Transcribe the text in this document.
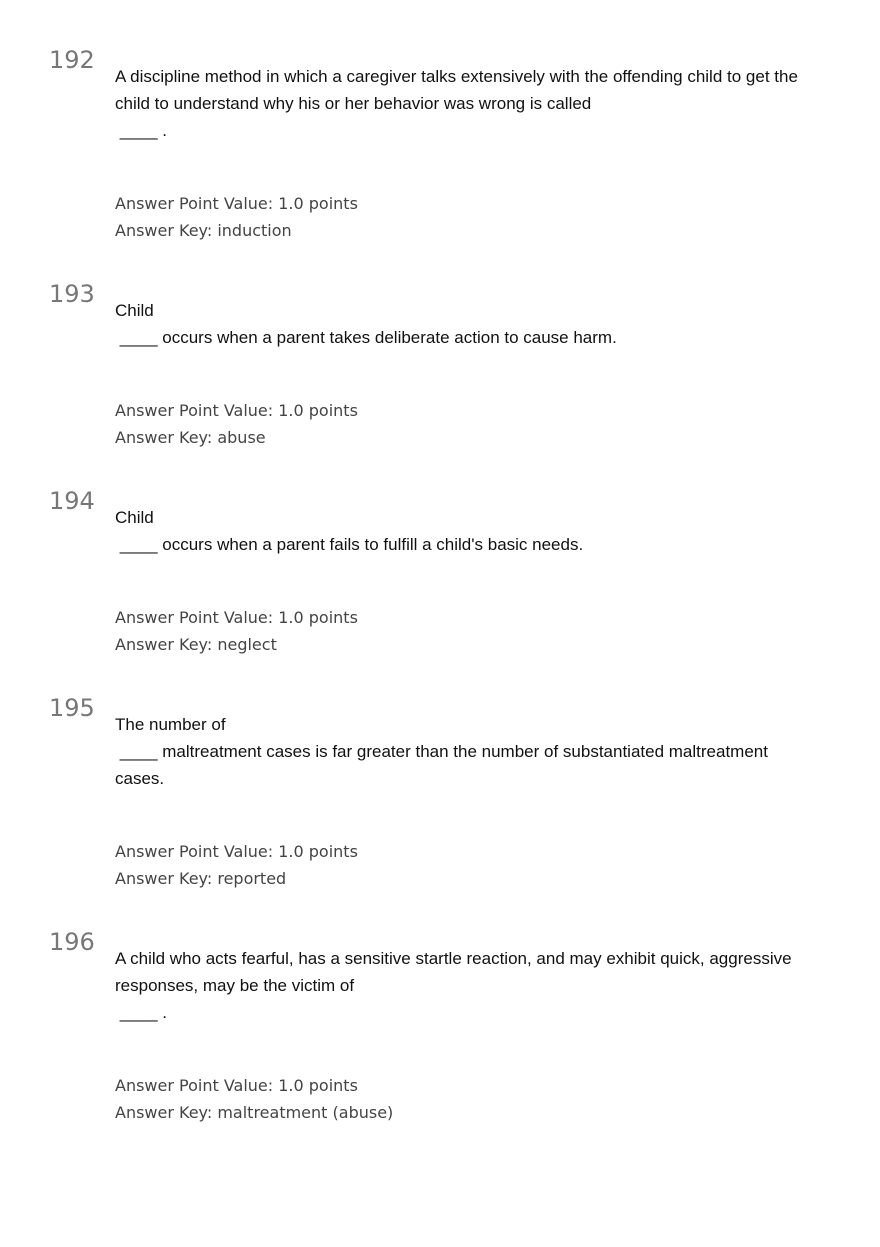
192
A discipline method in which a caregiver talks extensively with the offending child to get the
child to understand why his or her behavior was wrong is called
____ .
Answer Point Value: 1.0 points
Answer Key: induction
193
Child
____ occurs when a parent takes deliberate action to cause harm.
Answer Point Value: 1.0 points
Answer Key: abuse
194
Child
____ occurs when a parent fails to fulfill a child's basic needs.
Answer Point Value: 1.0 points
Answer Key: neglect
195
The number of
____ maltreatment cases is far greater than the number of substantiated maltreatment
cases.
Answer Point Value: 1.0 points
Answer Key: reported
196
A child who acts fearful, has a sensitive startle reaction, and may exhibit quick, aggressive
responses, may be the victim of
____ .
Answer Point Value: 1.0 points
Answer Key: maltreatment (abuse)
